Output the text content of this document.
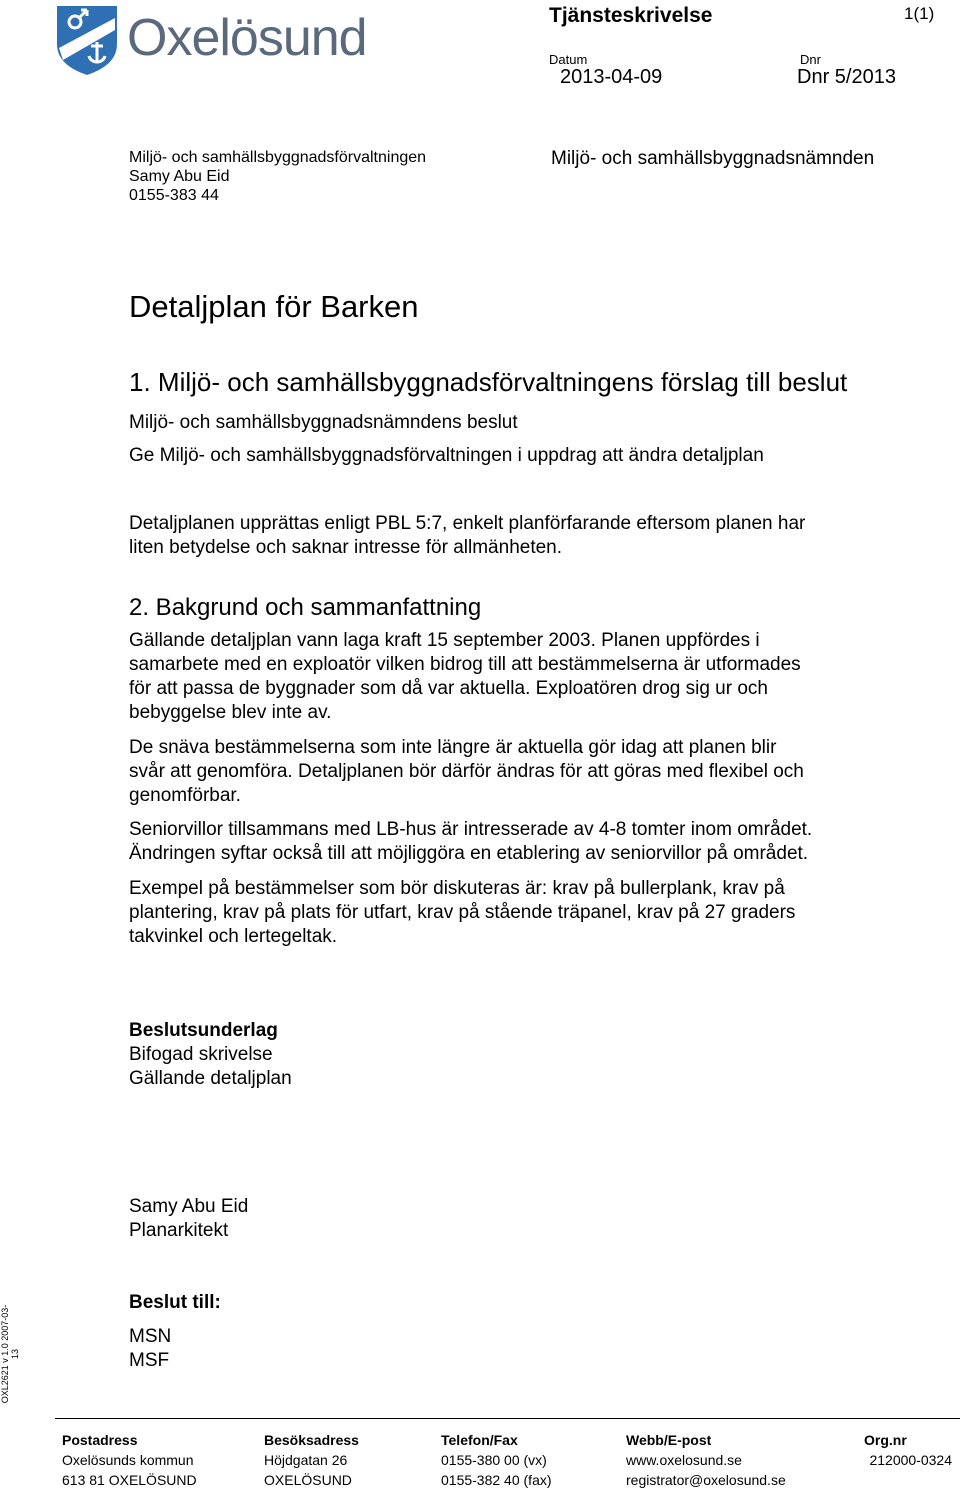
Oxelösund	Tjänsteskrivelse	1(1)
Datum
2013-04-09
Dnr
Dnr 5/2013
Miljö- och samhällsbyggnadsförvaltningen
Samy Abu Eid
0155-383 44
Miljö- och samhällsbyggnadsnämnden
Detaljplan för Barken
1. Miljö- och samhällsbyggnadsförvaltningens förslag till beslut
Miljö- och samhällsbyggnadsnämndens beslut
Ge Miljö- och samhällsbyggnadsförvaltningen i uppdrag att ändra detaljplan
Detaljplanen upprättas enligt PBL 5:7, enkelt planförfarande eftersom planen har
liten betydelse och saknar intresse för allmänheten.
2. Bakgrund och sammanfattning
Gällande detaljplan vann laga kraft 15 september 2003. Planen uppfördes i
samarbete med en exploatör vilken bidrog till att bestämmelserna är utformades
för att passa de byggnader som då var aktuella. Exploatören drog sig ur och
bebyggelse blev inte av.
De snäva bestämmelserna som inte längre är aktuella gör idag att planen blir
svår att genomföra. Detaljplanen bör därför ändras för att göras med flexibel och
genomförbar.
Seniorvillor tillsammans med LB-hus är intresserade av 4-8 tomter inom området.
Ändringen syftar också till att möjliggöra en etablering av seniorvillor på området.
Exempel på bestämmelser som bör diskuteras är: krav på bullerplank, krav på
plantering, krav på plats för utfart, krav på stående träpanel, krav på 27 graders
takvinkel och lertegeltak.
Beslutsunderlag
Bifogad skrivelse
Gällande detaljplan
Samy Abu Eid
Planarkitekt
Beslut till:
MSN
MSF
OXL2621 v 1.0 2007-03-13
Postadress
Oxelösunds kommun
613 81 OXELÖSUND
Besöksadress
Höjdgatan 26
OXELÖSUND
Telefon/Fax
0155-380 00 (vx)
0155-382 40 (fax)
Webb/E-post
www.oxelosund.se
registrator@oxelosund.se
Org.nr
212000-0324
